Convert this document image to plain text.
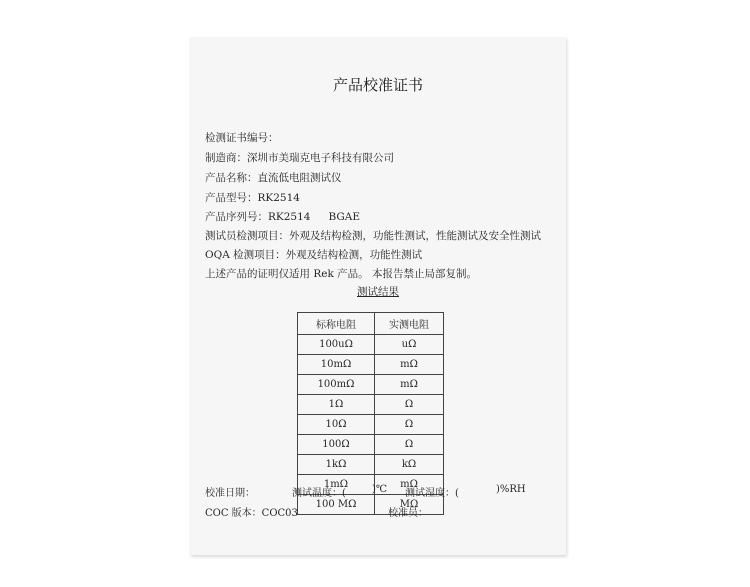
产品校准证书
检测证书编号：
制造商：深圳市美瑞克电子科技有限公司
产品名称：直流低电阻测试仪
产品型号：RK2514
产品序列号：RK2514 BGAE
测试员检测项目：外观及结构检测，功能性测试，性能测试及安全性测试
OQA 检测项目：外观及结构检测，功能性测试
上述产品的证明仅适用 Rek 产品。 本报告禁止局部复制。
测试结果
标称电阻	实测电阻
100uΩ	uΩ
10mΩ	mΩ
100mΩ	mΩ
1Ω	Ω
10Ω	Ω
100Ω	Ω
1kΩ	kΩ
1mΩ	mΩ
100 MΩ	MΩ
校准日期：	测试温度：(	)℃ 测试湿度：(	)%RH
COC 版本：COC03	校准员：
